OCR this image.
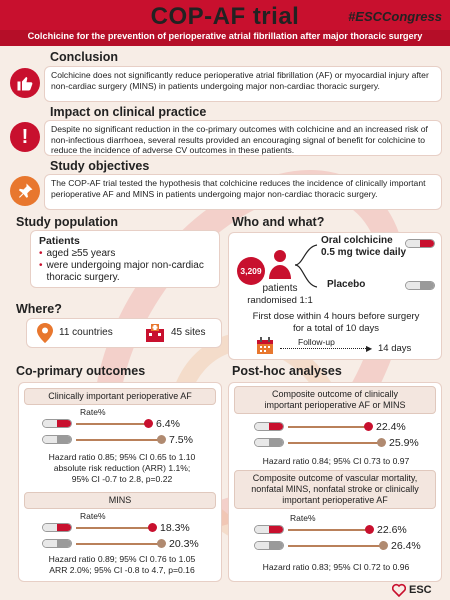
COP-AF trial	#ESCCongress
Colchicine for the prevention of perioperative atrial fibrillation after major thoracic surgery
Conclusion
Colchicine does not significantly reduce perioperative atrial fibrillation (AF) or myocardial injury after non-cardiac surgery (MINS) in patients undergoing major non-cardiac thoracic surgery.
Impact on clinical practice
!	Despite no significant reduction in the co-primary outcomes with colchicine and an increased risk of non-infectious diarrhoea, several results provided an encouraging signal of benefit for colchicine to reduce the incidence of adverse CV outcomes in these patients.
Study objectives
The COP-AF trial tested the hypothesis that colchicine reduces the incidence of clinically important perioperative AF and MINS in patients undergoing major non-cardiac thoracic surgery.
Study population
Patients
• aged ≥55 years
• were undergoing major non-cardiac thoracic surgery.
Where?
11 countries	45 sites
Who and what?
3,209
patients
randomised 1:1
Oral colchicine
0.5 mg twice daily
Placebo
First dose within 4 hours before surgery
for a total of 10 days
Follow-up
▶ 14 days
Co-primary outcomes
Clinically important perioperative AF
Rate%
6.4%
7.5%
Hazard ratio 0.85; 95% CI 0.65 to 1.10
absolute risk reduction (ARR) 1.1%;
95% CI -0.7 to 2.8, p=0.22
MINS
Rate%
18.3%
20.3%
Hazard ratio 0.89; 95% CI 0.76 to 1.05
ARR 2.0%; 95% CI -0.8 to 4.7, p=0.16
Post-hoc analyses
Composite outcome of clinically
important perioperative AF or MINS
22.4%
25.9%
Hazard ratio 0.84; 95% CI 0.73 to 0.97
Composite outcome of vascular mortality,
nonfatal MINS, nonfatal stroke or clinically
important perioperative AF
Rate%
22.6%
26.4%
Hazard ratio 0.83; 95% CI 0.72 to 0.96
ESC
